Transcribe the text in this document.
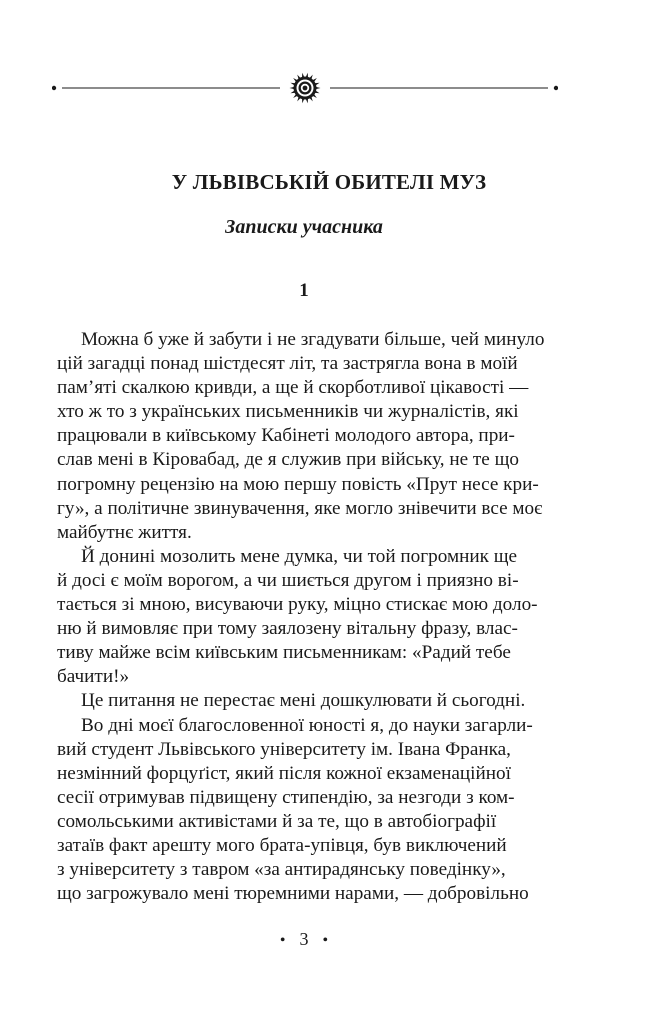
У ЛЬВІВСЬКІЙ ОБИТЕЛІ МУЗ
Записки учасника
1

Можна б уже й забути і не згадувати більше, чей минуло
цій загадці понад шістдесят літ, та застрягла вона в моїй
пам’яті скалкою кривди, а ще й скорботливої цікавості —
хто ж то з українських письменників чи журналістів, які
працювали в київському Кабінеті молодого автора, при-
слав мені в Кіровабад, де я служив при війську, не те що
погромну рецензію на мою першу повість «Прут несе кри-
гу», а політичне звинувачення, яке могло знівечити все моє
майбутнє життя.

Й донині мозолить мене думка, чи той погромник ще
й досі є моїм ворогом, а чи шиється другом і приязно ві-
тається зі мною, висуваючи руку, міцно стискає мою доло-
ню й вимовляє при тому заялозену вітальну фразу, влас-
тиву майже всім київським письменникам: «Радий тебе
бачити!»

Це питання не перестає мені дошкулювати й сьогодні.

Во дні моєї благословенної юності я, до науки загарли-
вий студент Львівського університету ім. Івана Франка,
незмінний форцуґіст, який після кожної екзаменаційної
сесії отримував підвищену стипендію, за незгоди з ком-
сомольськими активістами й за те, що в автобіографії
затаїв факт арешту мого брата-упівця, був виключений
з університету з тавром «за антирадянську поведінку»,
що загрожувало мені тюремними нарами, — добровільно

• 3 •
